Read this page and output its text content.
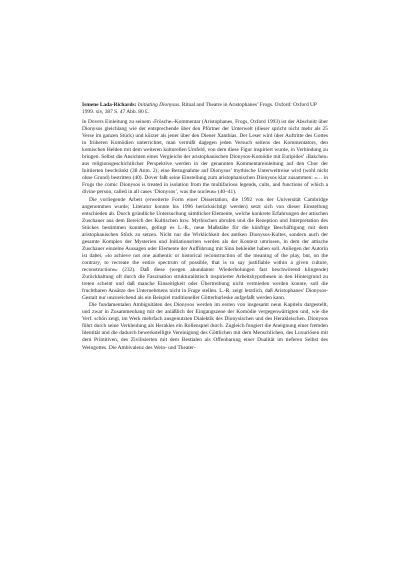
Ismene Lada-Richards: Initiating Dionysus. Ritual and Theatre in Aristophanes’ Frogs. Oxford: Oxford UP 1999. xiv, 387 S. 47 Abb. 80 £.

In Dovers Einleitung zu seinem ›Frösche‹-Kommentar (Aristophanes, Frogs, Oxford 1993) ist der Abschnitt über Dionysos gleichlang wie der entsprechende über den Pförtner der Unterwelt (dieser spricht nicht mehr als 25 Verse im ganzen Stück) und kürzer als jener über den Diener Xanthias. Der Leser wird über Auftritte des Gottes in früheren Komödien unterrichtet, man vermißt dagegen jeden Versuch seitens des Kommentators, den komischen Helden mit dem weiteren kulturellen Umfeld, von dem diese Figur inspiriert wurde, in Verbindung zu bringen. Selbst die Ansichten eines Vergleichs der aristophanischen Dionysos-Komödie mit Euripides’ ›Bakchen‹ aus religionsgeschichtlicher Perspektive werden in der genannten Kommentareinleitung auf den Chor der Initiierten beschränkt (38 Anm. 2); eine Bezugnahme auf Dionysos’ mythische Unterweltreise wird (wohl nicht ohne Grund) bestritten (40). Dover faßt seine Einstellung zum aristophanischen Dionysos klar zusammen: «… in Frogs the comic Dionysos is treated in isolation from the multifarious legends, cults, and functions of which a divine person, called in all cases ‘Dionysos’, was the nucleus» (40–41).

Die vorliegende Arbeit (erweiterte Form einer Dissertation, die 1992 von der Universität Cambridge angenommen wurde; Literatur konnte bis 1996 berücksichtigt werden) setzt sich von dieser Einstellung entschieden ab. Durch gründliche Untersuchung sämtlicher Elemente, welche konkrete Erfahrungen der attischen Zuschauer aus dem Bereich des Kultischen bzw. Mythischen abrufen und die Rezeption und Interpretation des Stückes bestimmen konnten, gelingt es L.-R., neue Maßstäbe für die künftige Beschäftigung mit dem aristophanischen Stück zu setzen. Nicht nur die Wirklichkeit des antiken Dionysos-Kultes, sondern auch der gesamte Komplex der Mysterien und Initiationsriten werden als der Kontext umrissen, in dem der attische Zuschauer einzelne Aussagen oder Elemente der Aufführung mit Sinn bekleidet haben soll. Anliegen der Autorin ist dabei, «to achieve not one authentic or historical reconstruction of the meaning of the play, but, on the contrary, to recreate the entire spectrum of possible, that is to say justifiable within a given culture, reconstructions» (232). Daß diese (wegen abundanter Wiederholungen fast beschwörend klingende) Zurückhaltung oft durch die Faszination strukturalistisch inspirierter Arbeitshypothesen in den Hintergrund zu treten scheint und daß manche Einseitigkeit oder Übertreibung nicht vermieden werden konnte, soll die fruchtbaren Ansätze des Unternehmens nicht in Frage stellen. L.-R. zeigt letztlich, daß Aristophanes’ Dionysos-Gestalt nur unzureichend als ein Beispiel traditioneller Götterburleske aufgefaßt werden kann.

Die fundamentalen Ambiguitäten des Dionysos werden im ersten von insgesamt neun Kapiteln dargestellt, und zwar in Zusammenhang mit der anläßlich der Eingangszene der Komödie vergegenwärtigten und, wie die Verf. schön zeigt, im Werk mehrfach ausgenutzten Dialektik des Dionysischen und des Herakleischen. Dionysos führt durch seine Verkleidung als Herakles ein Rollenspiel durch. Zugleich fungiert die Aneignung einer fremden Identität und die dadurch bewerkstelligte Vereinigung des Göttlichen mit dem Menschlichen, des Luxuriösen mit dem Primitiven, des Zivilisierten mit dem Bestialen als Offenbarung einer Dualität im tieferen Selbst des Weingottes. Die Ambivalenz des Wein- und Theater-
